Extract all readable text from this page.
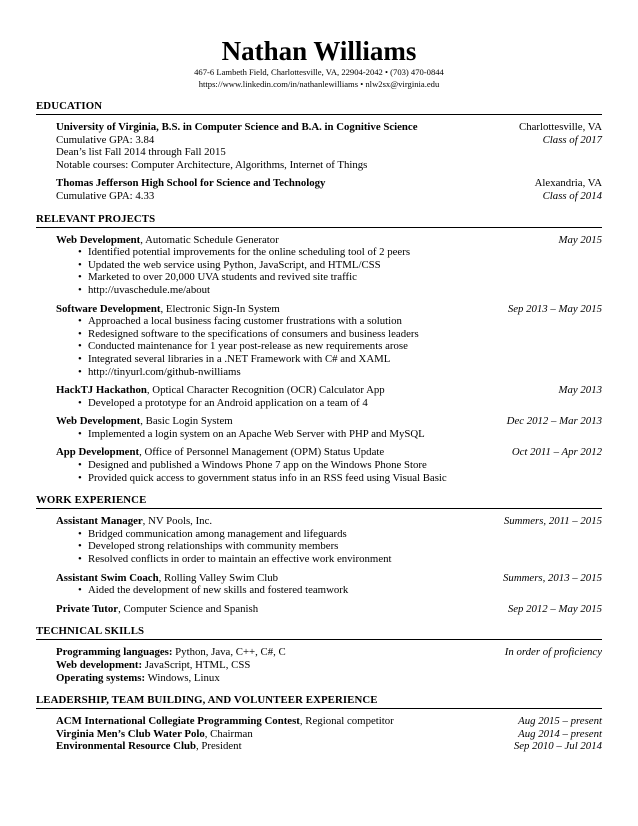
Nathan Williams
467-6 Lambeth Field, Charlottesville, VA, 22904-2042 • (703) 470-0844
https://www.linkedin.com/in/nathanlewilliams • nlw2sx@virginia.edu
EDUCATION
University of Virginia, B.S. in Computer Science and B.A. in Cognitive Science	Charlottesville, VA
Cumulative GPA: 3.84	Class of 2017
Dean’s list Fall 2014 through Fall 2015
Notable courses: Computer Architecture, Algorithms, Internet of Things
Thomas Jefferson High School for Science and Technology	Alexandria, VA
Cumulative GPA: 4.33	Class of 2014
RELEVANT PROJECTS
Web Development, Automatic Schedule Generator	May 2015
• Identified potential improvements for the online scheduling tool of 2 peers
• Updated the web service using Python, JavaScript, and HTML/CSS
• Marketed to over 20,000 UVA students and revived site traffic
• http://uvaschedule.me/about
Software Development, Electronic Sign-In System	Sep 2013 – May 2015
• Approached a local business facing customer frustrations with a solution
• Redesigned software to the specifications of consumers and business leaders
• Conducted maintenance for 1 year post-release as new requirements arose
• Integrated several libraries in a .NET Framework with C# and XAML
• http://tinyurl.com/github-nwilliams
HackTJ Hackathon, Optical Character Recognition (OCR) Calculator App	May 2013
• Developed a prototype for an Android application on a team of 4
Web Development, Basic Login System	Dec 2012 – Mar 2013
• Implemented a login system on an Apache Web Server with PHP and MySQL
App Development, Office of Personnel Management (OPM) Status Update	Oct 2011 – Apr 2012
• Designed and published a Windows Phone 7 app on the Windows Phone Store
• Provided quick access to government status info in an RSS feed using Visual Basic
WORK EXPERIENCE
Assistant Manager, NV Pools, Inc.	Summers, 2011 – 2015
• Bridged communication among management and lifeguards
• Developed strong relationships with community members
• Resolved conflicts in order to maintain an effective work environment
Assistant Swim Coach, Rolling Valley Swim Club	Summers, 2013 – 2015
• Aided the development of new skills and fostered teamwork
Private Tutor, Computer Science and Spanish	Sep 2012 – May 2015
TECHNICAL SKILLS
Programming languages: Python, Java, C++, C#, C	In order of proficiency
Web development: JavaScript, HTML, CSS
Operating systems: Windows, Linux
LEADERSHIP, TEAM BUILDING, AND VOLUNTEER EXPERIENCE
ACM International Collegiate Programming Contest, Regional competitor	Aug 2015 – present
Virginia Men’s Club Water Polo, Chairman	Aug 2014 – present
Environmental Resource Club, President	Sep 2010 – Jul 2014
